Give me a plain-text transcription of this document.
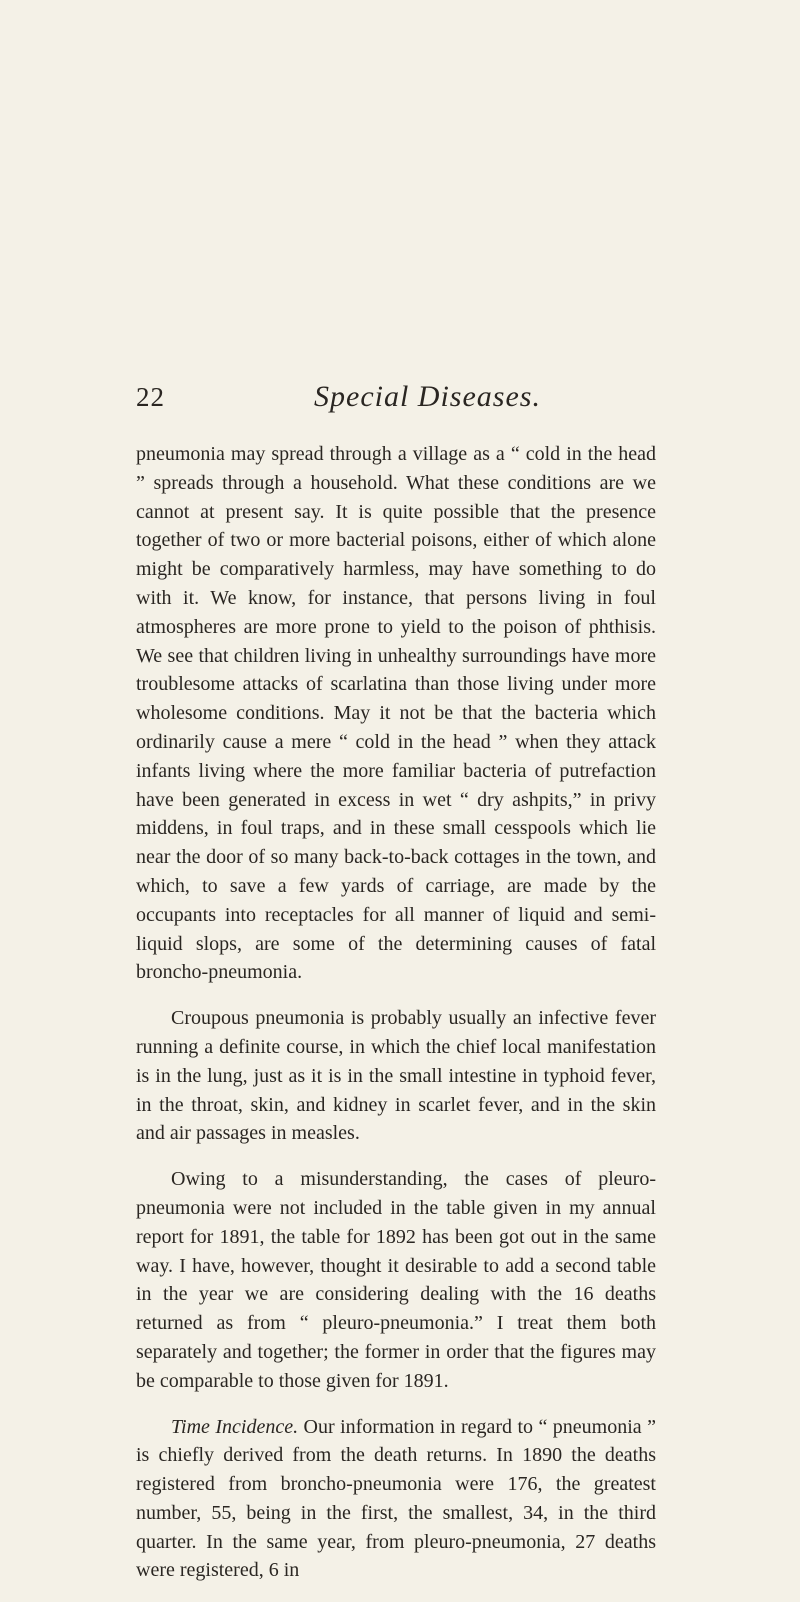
22	Special Diseases.

pneumonia may spread through a village as a “ cold in the head ” spreads through a household. What these conditions are we cannot at present say. It is quite possible that the presence together of two or more bacterial poisons, either of which alone might be comparatively harmless, may have something to do with it. We know, for instance, that persons living in foul atmospheres are more prone to yield to the poison of phthisis. We see that children living in unhealthy surroundings have more troublesome attacks of scarlatina than those living under more wholesome conditions. May it not be that the bacteria which ordinarily cause a mere “ cold in the head ” when they attack infants living where the more familiar bacteria of putrefaction have been generated in excess in wet “ dry ashpits,” in privy middens, in foul traps, and in these small cesspools which lie near the door of so many back-to-back cottages in the town, and which, to save a few yards of carriage, are made by the occupants into receptacles for all manner of liquid and semi-liquid slops, are some of the determining causes of fatal broncho-pneumonia.

Croupous pneumonia is probably usually an infective fever running a definite course, in which the chief local manifestation is in the lung, just as it is in the small intestine in typhoid fever, in the throat, skin, and kidney in scarlet fever, and in the skin and air passages in measles.

Owing to a misunderstanding, the cases of pleuro-pneumonia were not included in the table given in my annual report for 1891, the table for 1892 has been got out in the same way. I have, however, thought it desirable to add a second table in the year we are considering dealing with the 16 deaths returned as from “ pleuro-pneumonia.” I treat them both separately and together; the former in order that the figures may be comparable to those given for 1891.

Time Incidence. Our information in regard to “ pneumonia ” is chiefly derived from the death returns. In 1890 the deaths registered from broncho-pneumonia were 176, the greatest number, 55, being in the first, the smallest, 34, in the third quarter. In the same year, from pleuro-pneumonia, 27 deaths were registered, 6 in
